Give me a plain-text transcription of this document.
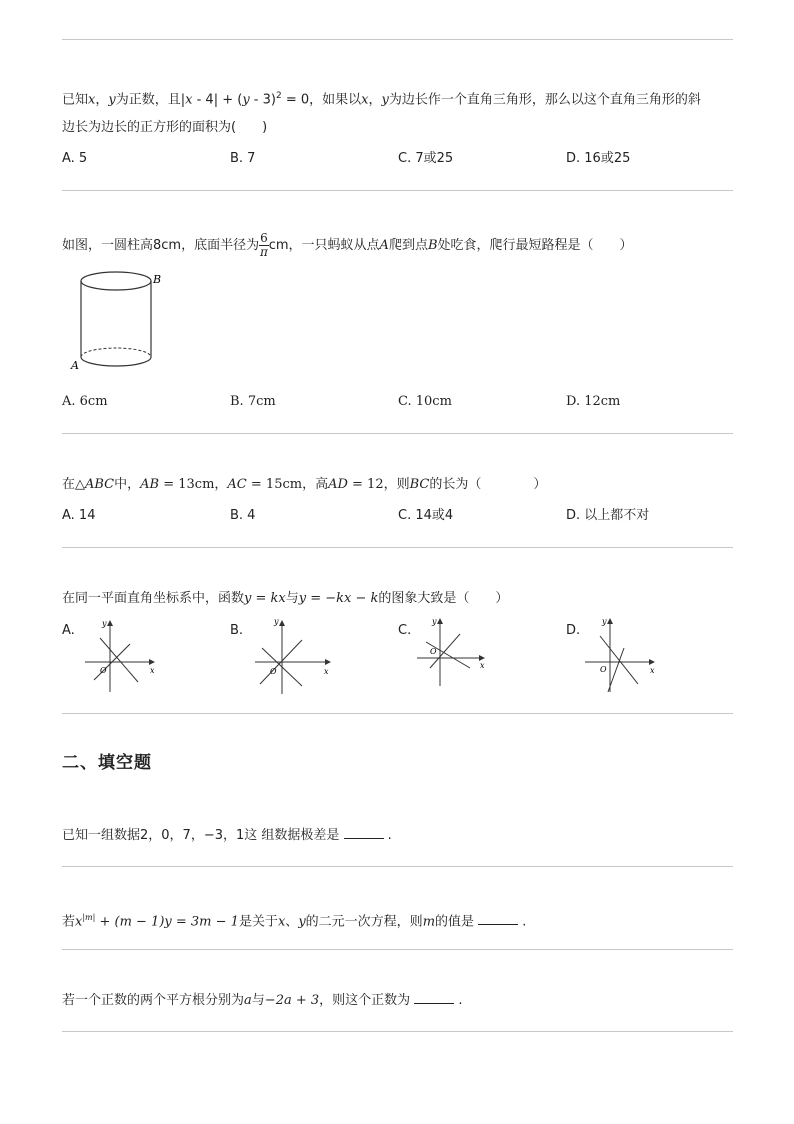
已知x，y为正数，且|x - 4| + (y - 3)$^2$ = 0，如果以x，y为边长作一个直角三角形，那么以这个直角三角形的斜
边长为边长的正方形的面积为(　　)
A. 5	B. 7	C. 7或25	D. 16或25
如图，一圆柱高8cm，底面半径为 $\frac{6}{\pi}$ cm，一只蚂蚁从点A爬到点B处吃食，爬行最短路程是（　　）
B
A
A. 6cm	B. 7cm	C. 10cm	D. 12cm
在△ABC中，AB = 13cm，AC = 15cm，高AD = 12，则BC的长为（　　　　）
A. 14	B. 4	C. 14或4	D. 以上都不对
在同一平面直角坐标系中，函数y = kx与y = −kx − k的图象大致是（　　）
A.	B.	C.	D.
y
x
O
y
x
O
y
x
O
y
x
O
二、填空题
已知一组数据2，0，7，−3，1这 组数据极差是	.
若$x^{|m|} + (m - 1)y = 3m - 1$是关于x、y的二元一次方程，则m的值是	.
若一个正数的两个平方根分别为a与−2a + 3，则这个正数为	.
